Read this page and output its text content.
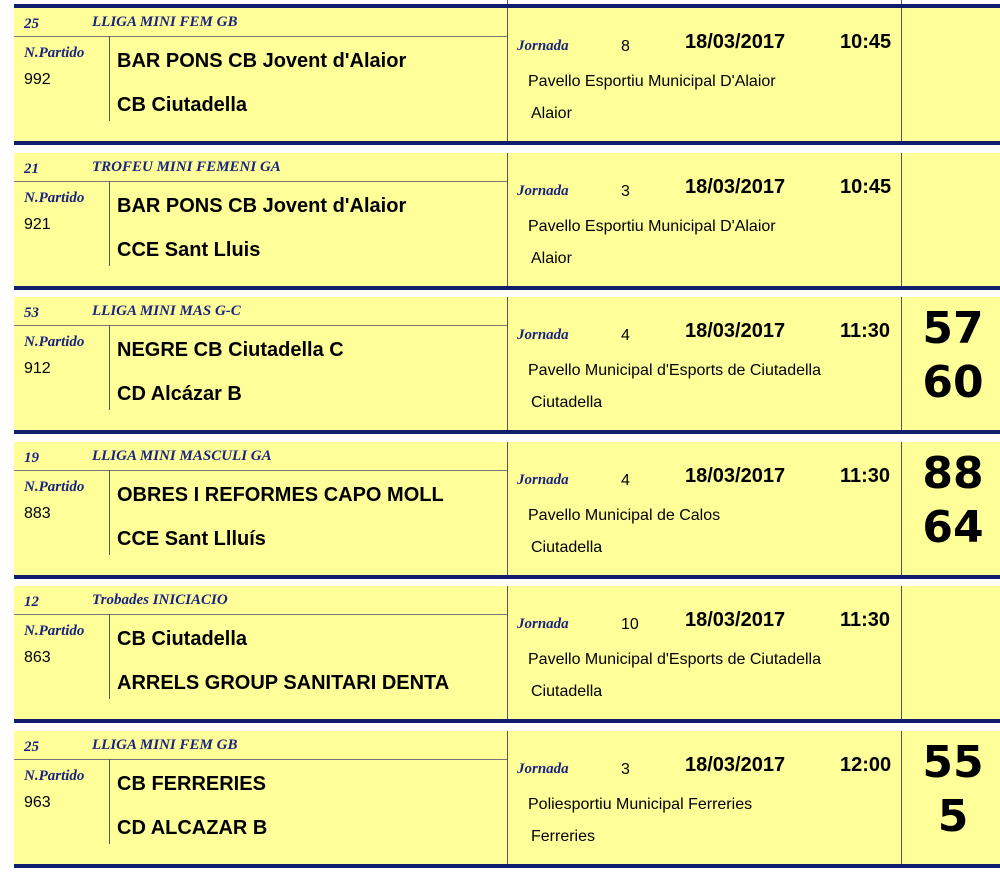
25	LLIGA MINI FEM GB
N.Partido
992
BAR PONS CB Jovent d'Alaior
CB Ciutadella
Jornada	8	18/03/2017	10:45
Pavello Esportiu Municipal D'Alaior
Alaior
21	TROFEU MINI FEMENI GA
N.Partido
921
BAR PONS CB Jovent d'Alaior
CCE Sant Lluis
Jornada	3	18/03/2017	10:45
Pavello Esportiu Municipal D'Alaior
Alaior
53	LLIGA MINI MAS G-C
N.Partido
912
NEGRE CB Ciutadella C
CD Alcázar B
Jornada	4	18/03/2017	11:30
Pavello Municipal d'Esports de Ciutadella
Ciutadella
57
60
19	LLIGA MINI MASCULI GA
N.Partido
883
OBRES I REFORMES CAPO MOLL
CCE Sant Llluís
Jornada	4	18/03/2017	11:30
Pavello Municipal de Calos
Ciutadella
88
64
12	Trobades INICIACIO
N.Partido
863
CB Ciutadella
ARRELS GROUP SANITARI DENTA
Jornada	10 18/03/2017	11:30
Pavello Municipal d'Esports de Ciutadella
Ciutadella
25	LLIGA MINI FEM GB
N.Partido
963
CB FERRERIES
CD ALCAZAR B
Jornada	3	18/03/2017	12:00
Poliesportiu Municipal Ferreries
Ferreries
55
5
